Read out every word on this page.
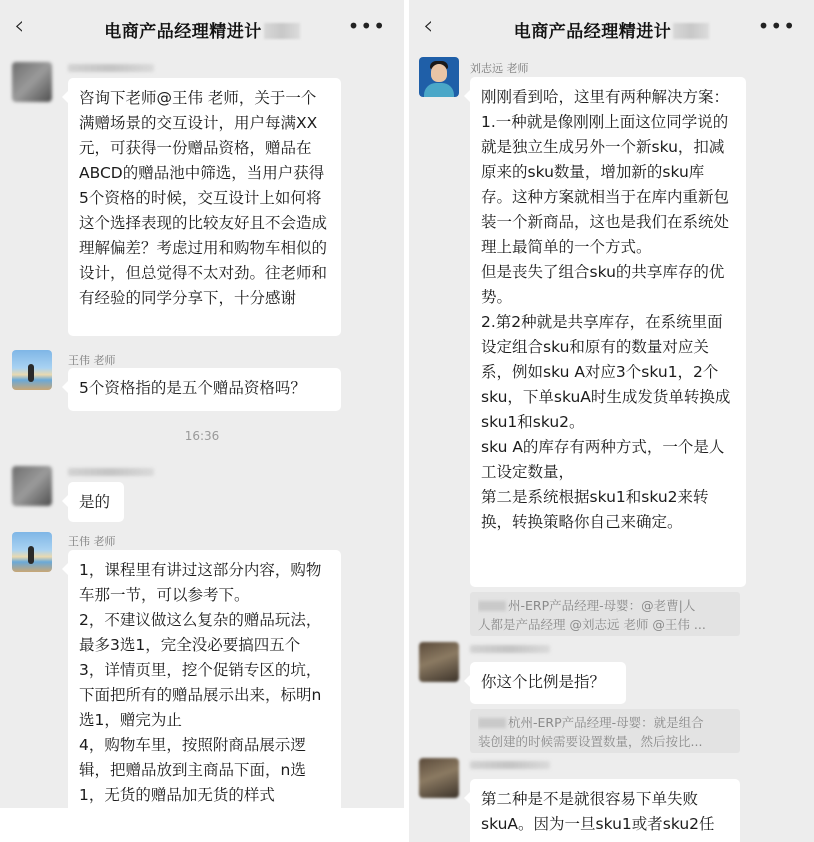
‹	电商产品经理精进计	•••
咨询下老师@王伟 老师，关于一个满赠场景的交互设计，用户每满XX元，可获得一份赠品资格，赠品在ABCD的赠品池中筛选，当用户获得5个资格的时候，交互设计上如何将这个选择表现的比较友好且不会造成理解偏差？考虑过用和购物车相似的设计，但总觉得不太对劲。往老师和有经验的同学分享下，十分感谢
王伟 老师
5个资格指的是五个赠品资格吗？
16:36
是的
王伟 老师
1，课程里有讲过这部分内容，购物车那一节，可以参考下。
2，不建议做这么复杂的赠品玩法，最多3选1，完全没必要搞四五个
3，详情页里，挖个促销专区的坑，下面把所有的赠品展示出来，标明n选1，赠完为止
4，购物车里，按照附商品展示逻辑，把赠品放到主商品下面，n选1，无货的赠品加无货的样式
‹	电商产品经理精进计	•••
刘志远 老师
刚刚看到哈，这里有两种解决方案：
1.一种就是像刚刚上面这位同学说的就是独立生成另外一个新sku，扣减原来的sku数量，增加新的sku库存。这种方案就相当于在库内重新包装一个新商品，这也是我们在系统处理上最简单的一个方式。
但是丧失了组合sku的共享库存的优势。
2.第2种就是共享库存，在系统里面设定组合sku和原有的数量对应关系，例如sku A对应3个sku1，2个sku，下单skuA时生成发货单转换成sku1和sku2。
sku A的库存有两种方式，一个是人工设定数量，
第二是系统根据sku1和sku2来转换，转换策略你自己来确定。
州-ERP产品经理-母婴：@老曹|人
人都是产品经理 @刘志远 老师 @王伟 ...
你这个比例是指？
杭州-ERP产品经理-母婴：就是组合
装创建的时候需要设置数量，然后按比...
第二种是不是就很容易下单失败skuA。因为一旦sku1或者sku2任
